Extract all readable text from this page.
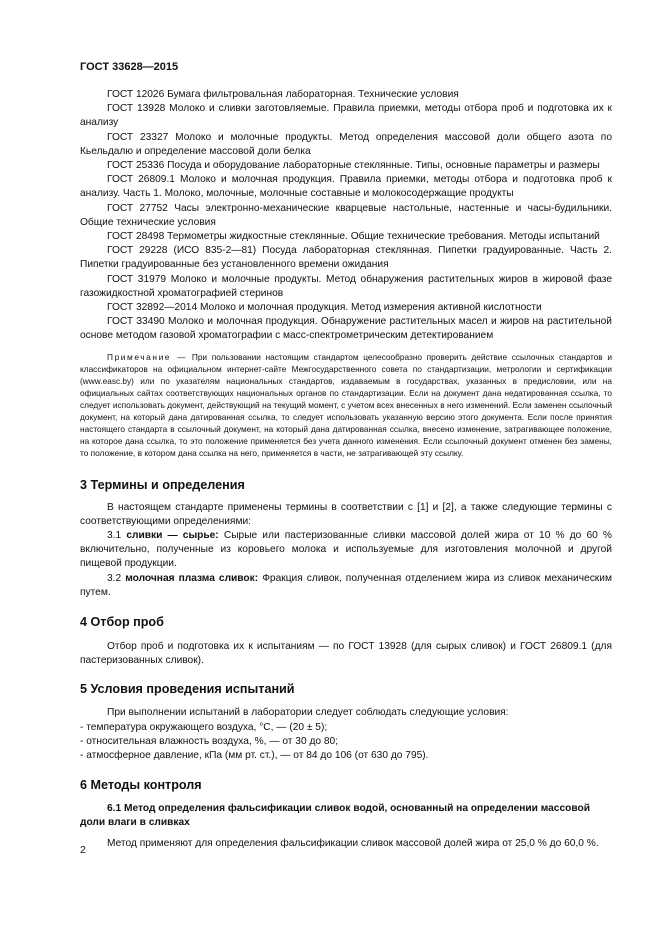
ГОСТ 33628—2015

ГОСТ 12026 Бумага фильтровальная лабораторная. Технические условия

ГОСТ 13928 Молоко и сливки заготовляемые. Правила приемки, методы отбора проб и подготовка их к анализу

ГОСТ 23327 Молоко и молочные продукты. Метод определения массовой доли общего азота по Кьельдалю и определение массовой доли белка

ГОСТ 25336 Посуда и оборудование лабораторные стеклянные. Типы, основные параметры и размеры

ГОСТ 26809.1 Молоко и молочная продукция. Правила приемки, методы отбора и подготовка проб к анализу. Часть 1. Молоко, молочные, молочные составные и молокосодержащие продукты

ГОСТ 27752 Часы электронно-механические кварцевые настольные, настенные и часы-будильники. Общие технические условия

ГОСТ 28498 Термометры жидкостные стеклянные. Общие технические требования. Методы испытаний

ГОСТ 29228 (ИСО 835-2—81) Посуда лабораторная стеклянная. Пипетки градуированные. Часть 2. Пипетки градуированные без установленного времени ожидания

ГОСТ 31979 Молоко и молочные продукты. Метод обнаружения растительных жиров в жировой фазе газожидкостной хроматографией стеринов

ГОСТ 32892—2014 Молоко и молочная продукция. Метод измерения активной кислотности

ГОСТ 33490 Молоко и молочная продукция. Обнаружение растительных масел и жиров на растительной основе методом газовой хроматографии с масс-спектрометрическим детектированием

Примечание — При пользовании настоящим стандартом целесообразно проверить действие ссылочных стандартов и классификаторов на официальном интернет-сайте Межгосударственного совета по стандартизации, метрологии и сертификации (www.easc.by) или по указателям национальных стандартов, издаваемым в государствах, указанных в предисловии, или на официальных сайтах соответствующих национальных органов по стандартизации. Если на документ дана недатированная ссылка, то следует использовать документ, действующий на текущий момент, с учетом всех внесенных в него изменений. Если заменен ссылочный документ, на который дана датированная ссылка, то следует использовать указанную версию этого документа. Если после принятия настоящего стандарта в ссылочный документ, на который дана датированная ссылка, внесено изменение, затрагивающее положение, на которое дана ссылка, то это положение применяется без учета данного изменения. Если ссылочный документ отменен без замены, то положение, в котором дана ссылка на него, применяется в части, не затрагивающей эту ссылку.

3 Термины и определения

В настоящем стандарте применены термины в соответствии с [1] и [2], а также следующие термины с соответствующими определениями:

3.1 сливки — сырье: Сырые или пастеризованные сливки массовой долей жира от 10 % до 60 % включительно, полученные из коровьего молока и используемые для изготовления молочной и другой пищевой продукции.

3.2 молочная плазма сливок: Фракция сливок, полученная отделением жира из сливок механическим путем.

4 Отбор проб

Отбор проб и подготовка их к испытаниям — по ГОСТ 13928 (для сырых сливок) и ГОСТ 26809.1 (для пастеризованных сливок).

5 Условия проведения испытаний

При выполнении испытаний в лаборатории следует соблюдать следующие условия:

- температура окружающего воздуха, °С, — (20 ± 5);

- относительная влажность воздуха, %, — от 30 до 80;

- атмосферное давление, кПа (мм рт. ст.), — от 84 до 106 (от 630 до 795).

6 Методы контроля

6.1 Метод определения фальсификации сливок водой, основанный на определении массовой доли влаги в сливках

Метод применяют для определения фальсификации сливок массовой долей жира от 25,0 % до 60,0 %.

2
